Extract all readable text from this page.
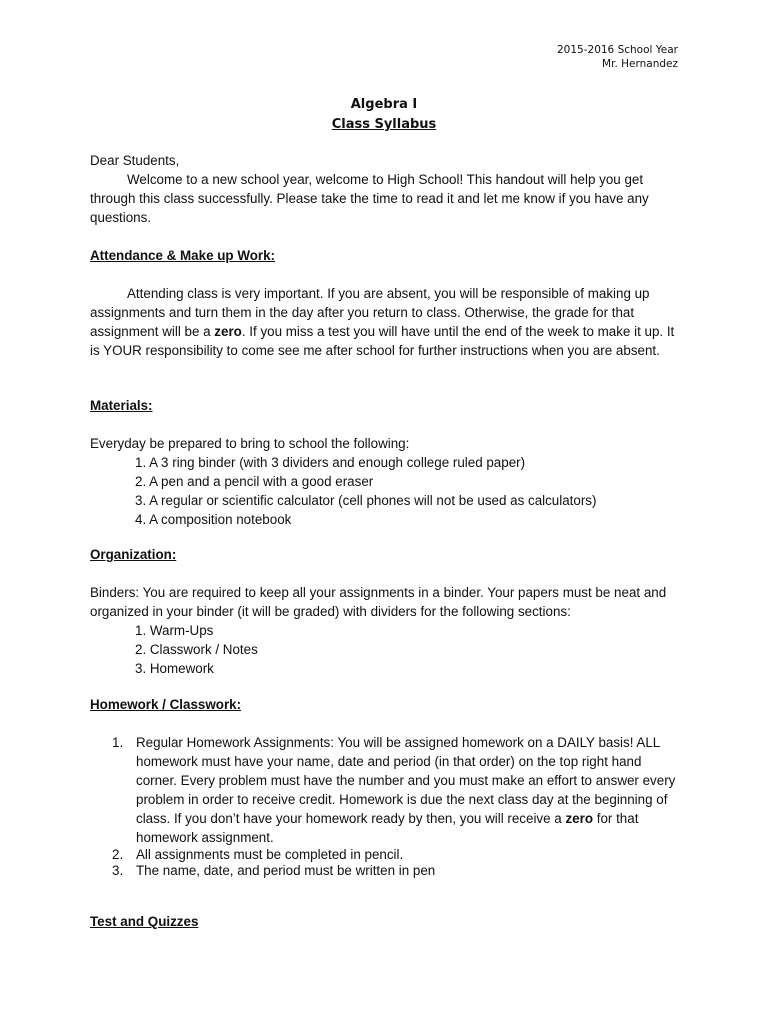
2015-2016 School Year
Mr. Hernandez
Algebra I
Class Syllabus

Dear Students,

Welcome to a new school year, welcome to High School! This handout will help you get through this class successfully. Please take the time to read it and let me know if you have any questions.

Attendance & Make up Work:

Attending class is very important. If you are absent, you will be responsible of making up assignments and turn them in the day after you return to class. Otherwise, the grade for that assignment will be a zero. If you miss a test you will have until the end of the week to make it up. It is YOUR responsibility to come see me after school for further instructions when you are absent.

Materials:

Everyday be prepared to bring to school the following:

1. A 3 ring binder (with 3 dividers and enough college ruled paper)

2. A pen and a pencil with a good eraser

3. A regular or scientific calculator (cell phones will not be used as calculators)

4. A composition notebook

Organization:

Binders: You are required to keep all your assignments in a binder. Your papers must be neat and organized in your binder (it will be graded) with dividers for the following sections:

1. Warm-Ups

2. Classwork / Notes

3. Homework

Homework / Classwork:

1. Regular Homework Assignments: You will be assigned homework on a DAILY basis! ALL homework must have your name, date and period (in that order) on the top right hand corner. Every problem must have the number and you must make an effort to answer every problem in order to receive credit. Homework is due the next class day at the beginning of class. If you don’t have your homework ready by then, you will receive a zero for that homework assignment.
2. All assignments must be completed in pencil.
3. The name, date, and period must be written in pen

Test and Quizzes
